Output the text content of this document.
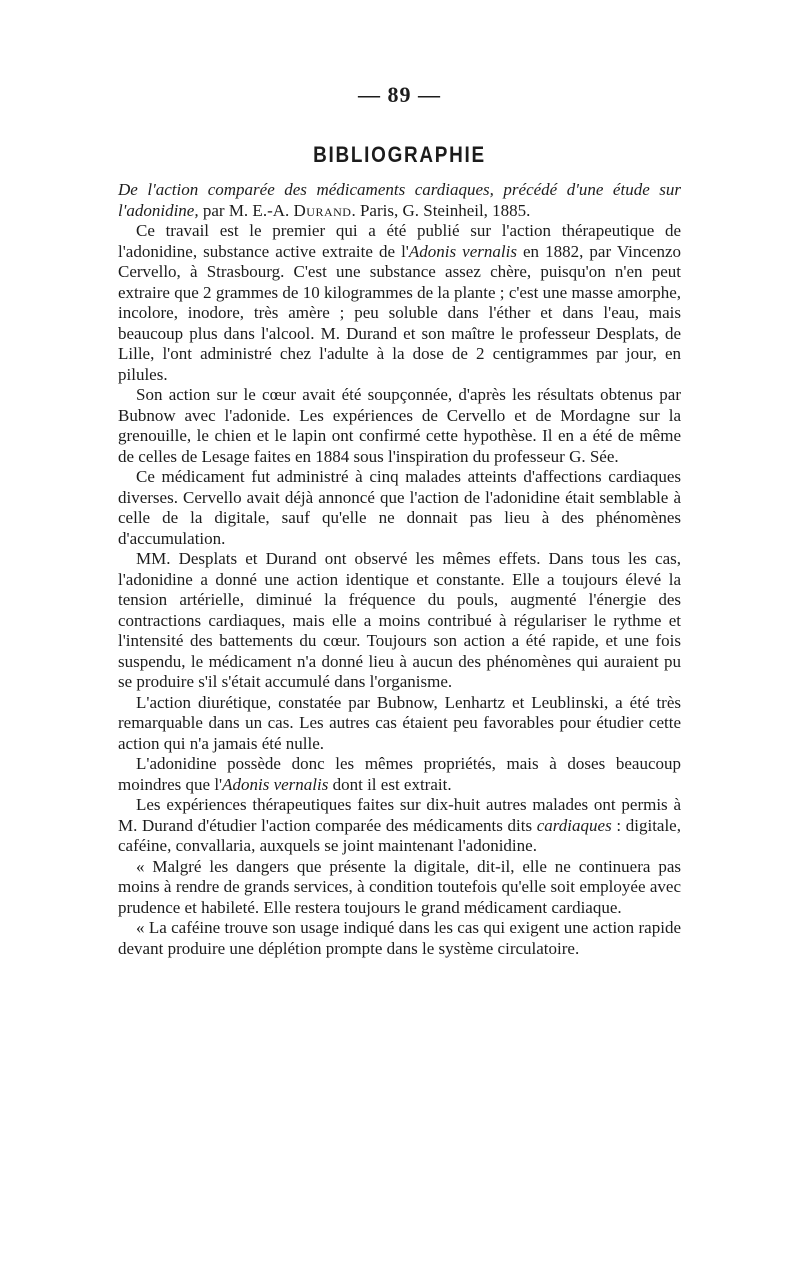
— 89 —
BIBLIOGRAPHIE

De l'action comparée des médicaments cardiaques, précédé d'une étude sur l'adonidine, par M. E.-A. Durand. Paris, G. Steinheil, 1885.

Ce travail est le premier qui a été publié sur l'action thérapeutique de l'adonidine, substance active extraite de l'Adonis vernalis en 1882, par Vincenzo Cervello, à Strasbourg. C'est une substance assez chère, puisqu'on n'en peut extraire que 2 grammes de 10 kilogrammes de la plante ; c'est une masse amorphe, incolore, inodore, très amère ; peu soluble dans l'éther et dans l'eau, mais beaucoup plus dans l'alcool. M. Durand et son maître le professeur Desplats, de Lille, l'ont administré chez l'adulte à la dose de 2 centigrammes par jour, en pilules.

Son action sur le cœur avait été soupçonnée, d'après les résultats obtenus par Bubnow avec l'adonide. Les expériences de Cervello et de Mordagne sur la grenouille, le chien et le lapin ont confirmé cette hypothèse. Il en a été de même de celles de Lesage faites en 1884 sous l'inspiration du professeur G. Sée.

Ce médicament fut administré à cinq malades atteints d'affections cardiaques diverses. Cervello avait déjà annoncé que l'action de l'adonidine était semblable à celle de la digitale, sauf qu'elle ne donnait pas lieu à des phénomènes d'accumulation.

MM. Desplats et Durand ont observé les mêmes effets. Dans tous les cas, l'adonidine a donné une action identique et constante. Elle a toujours élevé la tension artérielle, diminué la fréquence du pouls, augmenté l'énergie des contractions cardiaques, mais elle a moins contribué à régulariser le rythme et l'intensité des battements du cœur. Toujours son action a été rapide, et une fois suspendu, le médicament n'a donné lieu à aucun des phénomènes qui auraient pu se produire s'il s'était accumulé dans l'organisme.

L'action diurétique, constatée par Bubnow, Lenhartz et Leublinski, a été très remarquable dans un cas. Les autres cas étaient peu favorables pour étudier cette action qui n'a jamais été nulle.

L'adonidine possède donc les mêmes propriétés, mais à doses beaucoup moindres que l'Adonis vernalis dont il est extrait.

Les expériences thérapeutiques faites sur dix-huit autres malades ont permis à M. Durand d'étudier l'action comparée des médicaments dits cardiaques : digitale, caféine, convallaria, auxquels se joint maintenant l'adonidine.

« Malgré les dangers que présente la digitale, dit-il, elle ne continuera pas moins à rendre de grands services, à condition toutefois qu'elle soit employée avec prudence et habileté. Elle restera toujours le grand médicament cardiaque.

« La caféine trouve son usage indiqué dans les cas qui exigent une action rapide devant produire une déplétion prompte dans le système circulatoire.
